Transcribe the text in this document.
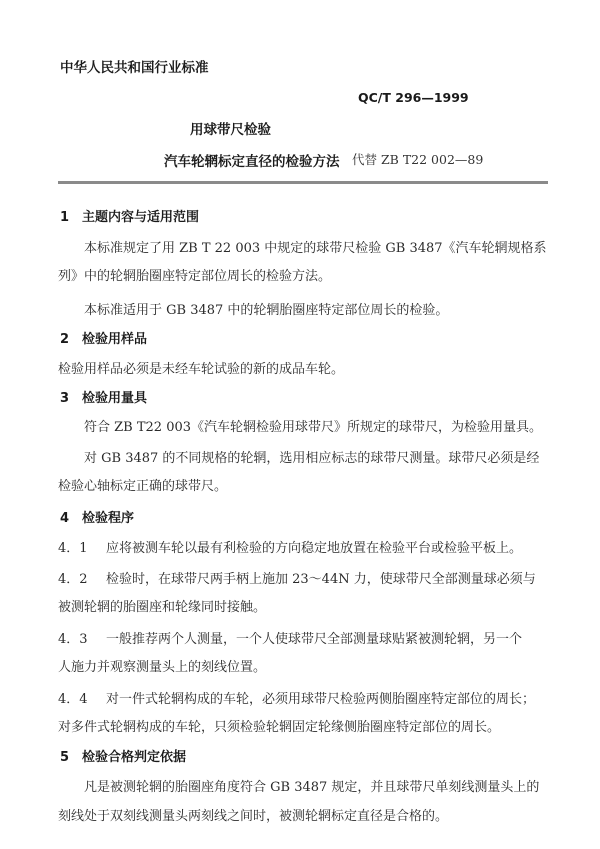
中华人民共和国行业标准
QC/T 296—1999
用球带尺检验
汽车轮辋标定直径的检验方法 代替 ZB T22 002—89
1 主题内容与适用范围
本标准规定了用 ZB T 22 003 中规定的球带尺检验 GB 3487《汽车轮辋规格系
列》中的轮辋胎圈座特定部位周长的检验方法。
本标准适用于 GB 3487 中的轮辋胎圈座特定部位周长的检验。
2 检验用样品
检验用样品必须是未经车轮试验的新的成品车轮。
3 检验用量具
符合 ZB T22 003《汽车轮辋检验用球带尺》所规定的球带尺，为检验用量具。
对 GB 3487 的不同规格的轮辋，选用相应标志的球带尺测量。球带尺必须是经
检验心轴标定正确的球带尺。
4 检验程序
4．1 应将被测车轮以最有利检验的方向稳定地放置在检验平台或检验平板上。
4．2 检验时，在球带尺两手柄上施加 23～44N 力，使球带尺全部测量球必须与
被测轮辋的胎圈座和轮缘同时接触。
4．3 一般推荐两个人测量，一个人使球带尺全部测量球贴紧被测轮辋，另一个
人施力并观察测量头上的刻线位置。
4．4 对一件式轮辋构成的车轮，必须用球带尺检验两侧胎圈座特定部位的周长；
对多件式轮辋构成的车轮，只须检验轮辋固定轮缘侧胎圈座特定部位的周长。
5 检验合格判定依据
凡是被测轮辋的胎圈座角度符合 GB 3487 规定，并且球带尺单刻线测量头上的
刻线处于双刻线测量头两刻线之间时，被测轮辋标定直径是合格的。
